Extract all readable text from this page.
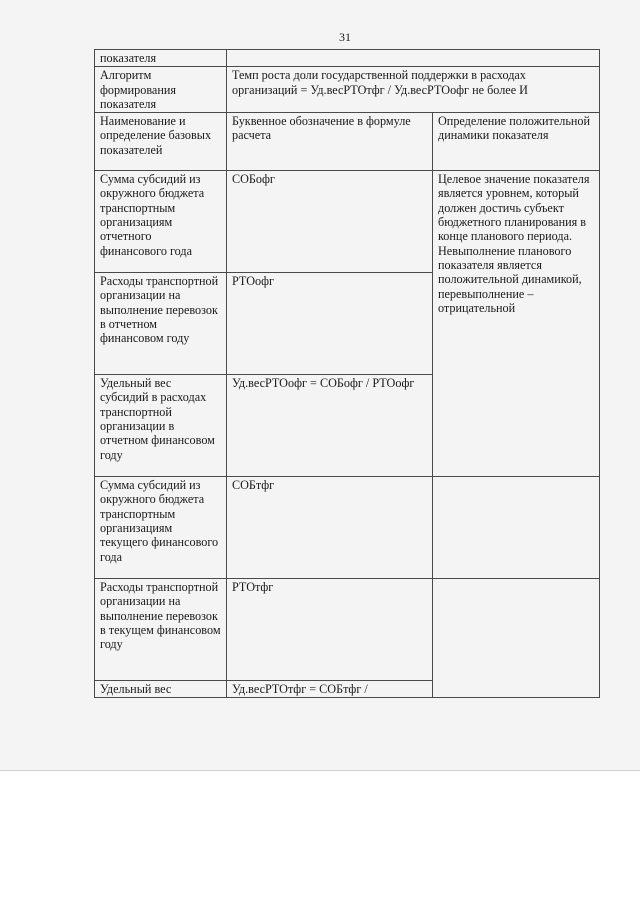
31
показателя		
Алгоритм формирования показателя	Темп роста доли государственной поддержки в расходах организаций = Уд.весРТОтфг / Уд.весРТОофг не более И	
Наименование и определение базовых показателей	Буквенное обозначение в формуле расчета	Определение положительной динамики показателя
Сумма субсидий из окружного бюджета транспортным организациям отчетного финансового года	СОБофг	Целевое значение показателя является уровнем, который должен достичь субъект бюджетного планирования в конце планового периода. Невыполнение планового показателя является положительной динамикой, перевыполнение – отрицательной
Расходы транспортной организации на выполнение перевозок в отчетном финансовом году	РТОофг	
Удельный вес субсидий в расходах транспортной организации в отчетном финансовом году	Уд.весРТОофг = СОБофг / РТОофг	
Сумма субсидий из окружного бюджета транспортным организациям текущего финансового года	СОБтфг	
Расходы транспортной организации на выполнение перевозок в текущем финансовом году	РТОтфг	
Удельный вес	Уд.весРТОтфг = СОБтфг /	
